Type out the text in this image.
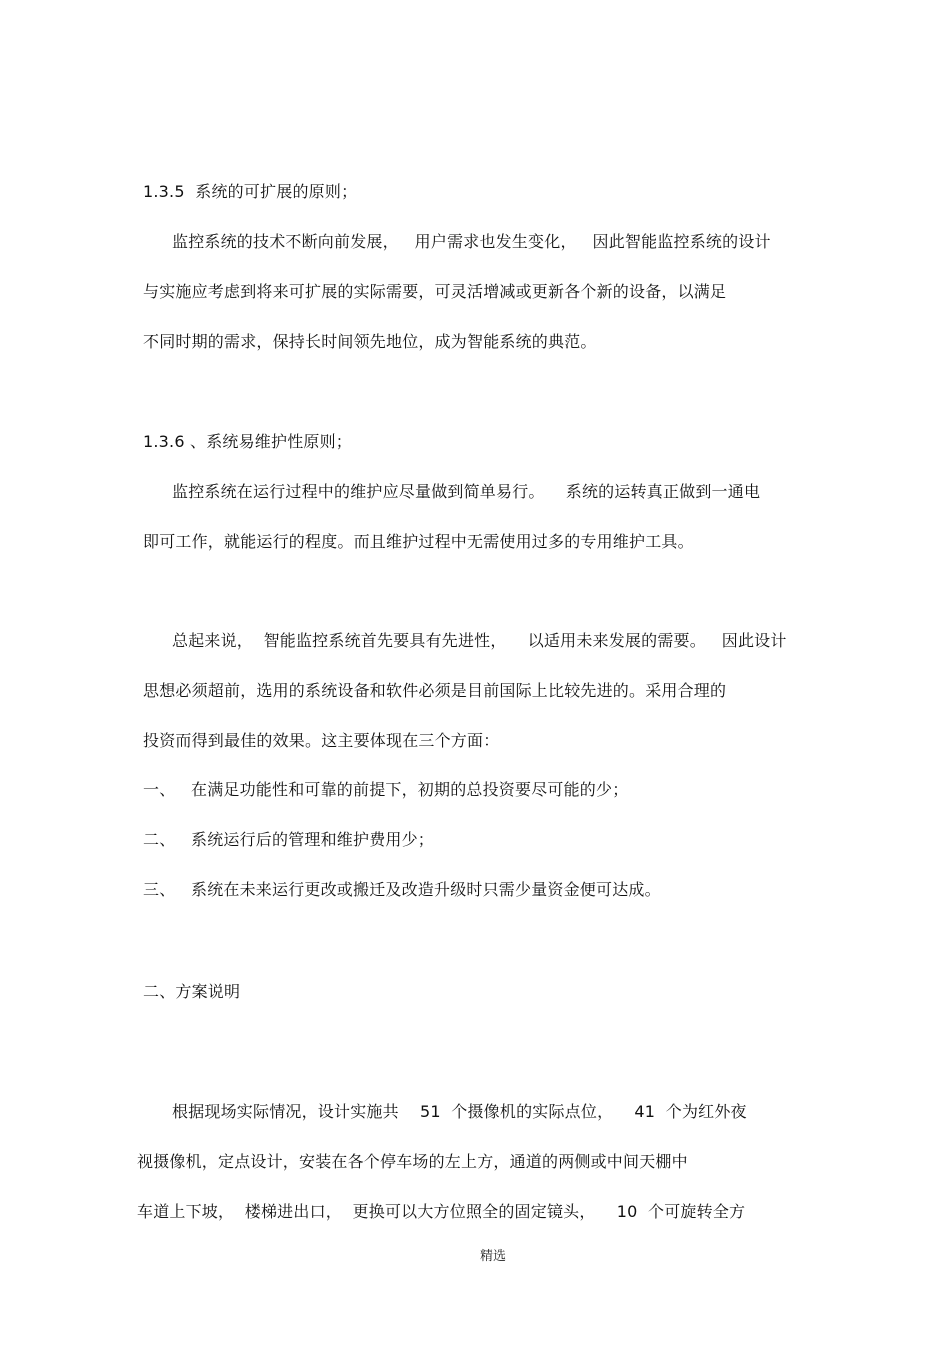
1.3.5  系统的可扩展的原则；
监控系统的技术不断向前发展，   用户需求也发生变化，   因此智能监控系统的设计
与实施应考虑到将来可扩展的实际需要，可灵活增减或更新各个新的设备，以满足
不同时期的需求，保持长时间领先地位，成为智能系统的典范。
1.3.6 、系统易维护性原则；
监控系统在运行过程中的维护应尽量做到简单易行。    系统的运转真正做到一通电
即可工作，就能运行的程度。而且维护过程中无需使用过多的专用维护工具。
总起来说，  智能监控系统首先要具有先进性，    以适用未来发展的需要。   因此设计
思想必须超前，选用的系统设备和软件必须是目前国际上比较先进的。采用合理的
投资而得到最佳的效果。这主要体现在三个方面：
一、 在满足功能性和可靠的前提下，初期的总投资要尽可能的少；
二、 系统运行后的管理和维护费用少；
三、 系统在未来运行更改或搬迁及改造升级时只需少量资金便可达成。
二、方案说明
根据现场实际情况，设计实施共    51  个摄像机的实际点位，    41  个为红外夜
视摄像机，定点设计，安装在各个停车场的左上方，通道的两侧或中间天棚中
车道上下坡，  楼梯进出口，  更换可以大方位照全的固定镜头，    10  个可旋转全方
精选
